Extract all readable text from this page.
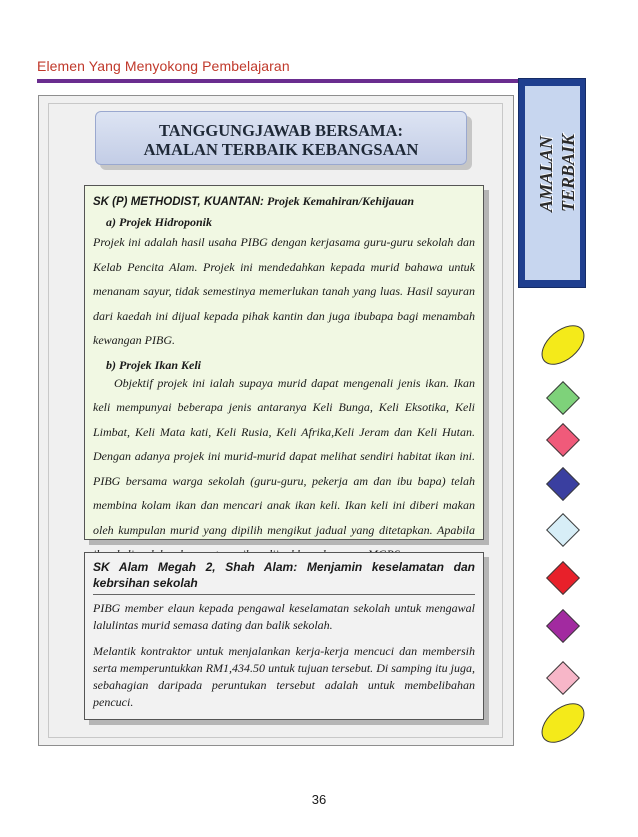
Elemen Yang Menyokong Pembelajaran
TANGGUNGJAWAB BERSAMA:
AMALAN TERBAIK KEBANGSAAN	AMALAN TERBAIK
SK (P) METHODIST, KUANTAN: Projek Kemahiran/Kehijauan
a) Projek Hidroponik
Projek ini adalah hasil usaha PIBG dengan kerjasama guru-guru sekolah dan Kelab Pencita Alam. Projek ini mendedahkan kepada murid bahawa untuk menanam sayur, tidak semestinya memerlukan tanah yang luas. Hasil sayuran dari kaedah ini dijual kepada pihak kantin dan juga ibubapa bagi menambah kewangan PIBG.
b) Projek Ikan Keli
Objektif projek ini ialah supaya murid dapat mengenali jenis ikan. Ikan keli mempunyai beberapa jenis antaranya Keli Bunga, Keli Eksotika, Keli Limbat, Keli Mata kati, Keli Rusia, Keli Afrika,Keli Jeram dan Keli Hutan. Dengan adanya projek ini murid-murid dapat melihat sendiri habitat ikan ini. PIBG bersama warga sekolah (guru-guru, pekerja am dan ibu bapa) telah membina kolam ikan dan mencari anak ikan keli. Ikan keli ini diberi makan oleh kumpulan murid yang dipilih mengikut jadual yang ditetapkan. Apabila
SK Alam Megah 2, Shah Alam: Menjamin keselamatan dan kebrsihan sekolah
PIBG member elaun kepada pengawal keselamatan sekolah untuk mengawal lalulintas murid semasa dating dan balik sekolah.
Melantik kontraktor untuk menjalankan kerja-kerja mencuci dan membersih serta memperuntukkan RM1,434.50 untuk tujuan tersebut. Di samping itu juga, sebahagian daripada peruntukan tersebut adalah untuk membelibahan pencuci.
36
